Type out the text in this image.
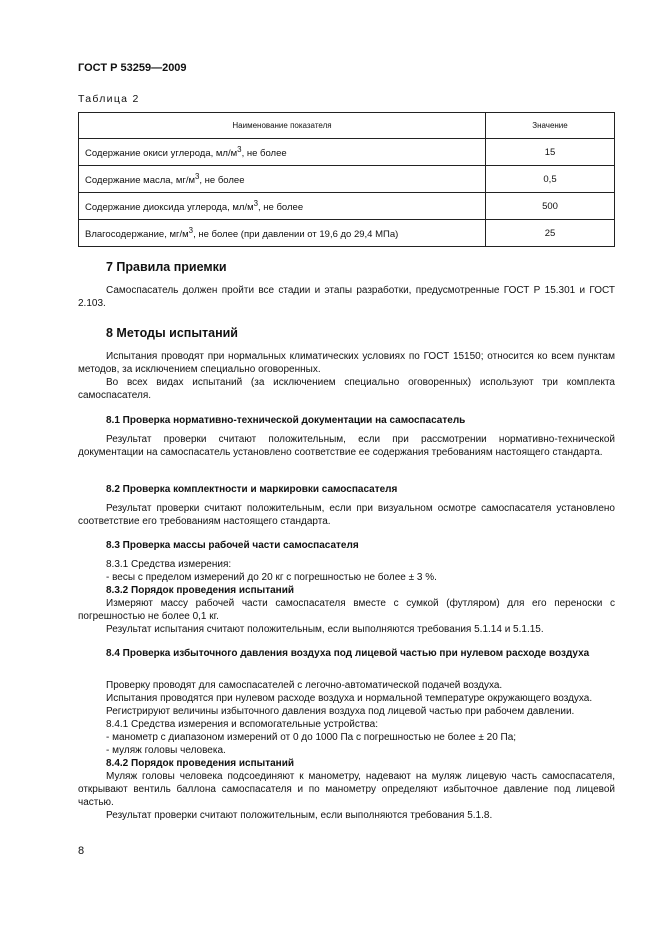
ГОСТ Р 53259—2009
Таблица 2
Наименование показателя	Значение
Содержание окиси углерода, $мл/м^3$, не более	15
Содержание масла, $мг/м^3$, не более	0,5
Содержание диоксида углерода, $мл/м^3$, не более	500
Влагосодержание, $мг/м^3$, не более (при давлении от 19,6 до 29,4 МПа)	25
7 Правила приемки

Самоспасатель должен пройти все стадии и этапы разработки, предусмотренные ГОСТ Р 15.301 и ГОСТ 2.103.

8 Методы испытаний

Испытания проводят при нормальных климатических условиях по ГОСТ 15150; относится ко всем пунктам методов, за исключением специально оговоренных.

Во всех видах испытаний (за исключением специально оговоренных) используют три комплекта самоспасателя.

8.1 Проверка нормативно-технической документации на самоспасатель

Результат проверки считают положительным, если при рассмотрении нормативно-технической документации на самоспасатель установлено соответствие ее содержания требованиям настоящего стандарта.

8.2 Проверка комплектности и маркировки самоспасателя

Результат проверки считают положительным, если при визуальном осмотре самоспасателя установлено соответствие его требованиям настоящего стандарта.

8.3 Проверка массы рабочей части самоспасателя

8.3.1 Средства измерения:

- весы с пределом измерений до 20 кг с погрешностью не более ± 3 %.

8.3.2 Порядок проведения испытаний

Измеряют массу рабочей части самоспасателя вместе с сумкой (футляром) для его переноски с погрешностью не более 0,1 кг.

Результат испытания считают положительным, если выполняются требования 5.1.14 и 5.1.15.

8.4 Проверка избыточного давления воздуха под лицевой частью при нулевом расходе воздуха

Проверку проводят для самоспасателей с легочно-автоматической подачей воздуха.

Испытания проводятся при нулевом расходе воздуха и нормальной температуре окружающего воздуха.

Регистрируют величины избыточного давления воздуха под лицевой частью при рабочем давлении.

8.4.1 Средства измерения и вспомогательные устройства:

- манометр с диапазоном измерений от 0 до 1000 Па с погрешностью не более ± 20 Па;

- муляж головы человека.

8.4.2 Порядок проведения испытаний

Муляж головы человека подсоединяют к манометру, надевают на муляж лицевую часть самоспасателя, открывают вентиль баллона самоспасателя и по манометру определяют избыточное давление под лицевой частью.

Результат проверки считают положительным, если выполняются требования 5.1.8.

8
